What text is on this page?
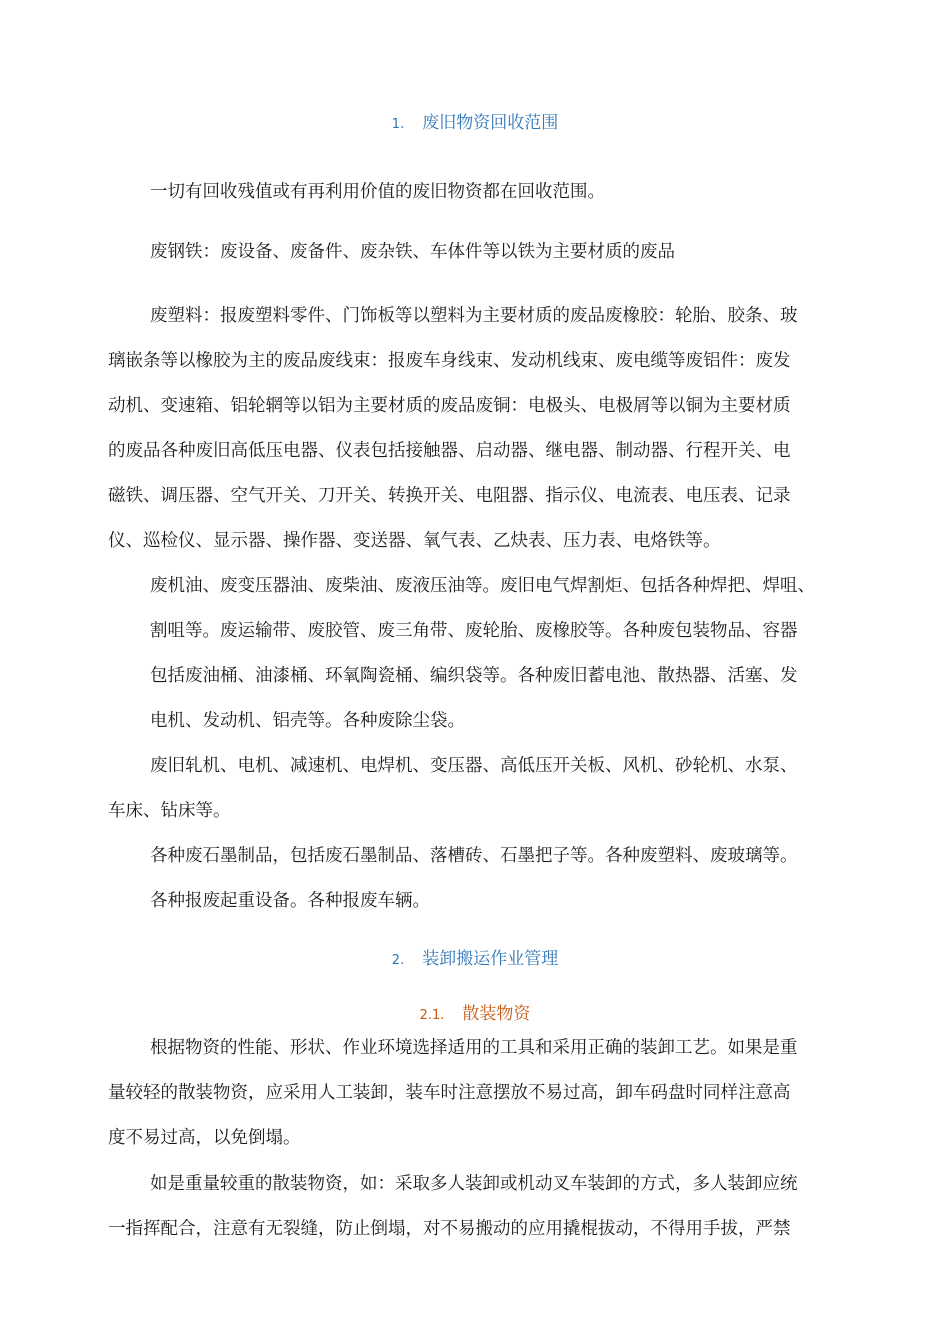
1. 废旧物资回收范围
一切有回收残值或有再利用价值的废旧物资都在回收范围。
废钢铁：废设备、废备件、废杂铁、车体件等以铁为主要材质的废品
废塑料：报废塑料零件、门饰板等以塑料为主要材质的废品废橡胶：轮胎、胶条、玻
璃嵌条等以橡胶为主的废品废线束：报废车身线束、发动机线束、废电缆等废铝件：废发
动机、变速箱、铝轮辋等以铝为主要材质的废品废铜：电极头、电极屑等以铜为主要材质
的废品各种废旧高低压电器、仪表包括接触器、启动器、继电器、制动器、行程开关、电
磁铁、调压器、空气开关、刀开关、转换开关、电阻器、指示仪、电流表、电压表、记录
仪、巡检仪、显示器、操作器、变送器、氧气表、乙炔表、压力表、电烙铁等。
废机油、废变压器油、废柴油、废液压油等。废旧电气焊割炬、包括各种焊把、焊咀、
割咀等。废运输带、废胶管、废三角带、废轮胎、废橡胶等。各种废包装物品、容器
包括废油桶、油漆桶、环氧陶瓷桶、编织袋等。各种废旧蓄电池、散热器、活塞、发
电机、发动机、铝壳等。各种废除尘袋。
废旧轧机、电机、减速机、电焊机、变压器、高低压开关板、风机、砂轮机、水泵、
车床、钻床等。
各种废石墨制品，包括废石墨制品、落槽砖、石墨把子等。各种废塑料、废玻璃等。
各种报废起重设备。各种报废车辆。
2. 装卸搬运作业管理
2.1. 散装物资
根据物资的性能、形状、作业环境选择适用的工具和采用正确的装卸工艺。如果是重
量较轻的散装物资，应采用人工装卸，装车时注意摆放不易过高，卸车码盘时同样注意高
度不易过高，以免倒塌。
如是重量较重的散装物资，如：采取多人装卸或机动叉车装卸的方式，多人装卸应统
一指挥配合，注意有无裂缝，防止倒塌，对不易搬动的应用撬棍拔动，不得用手拔，严禁
